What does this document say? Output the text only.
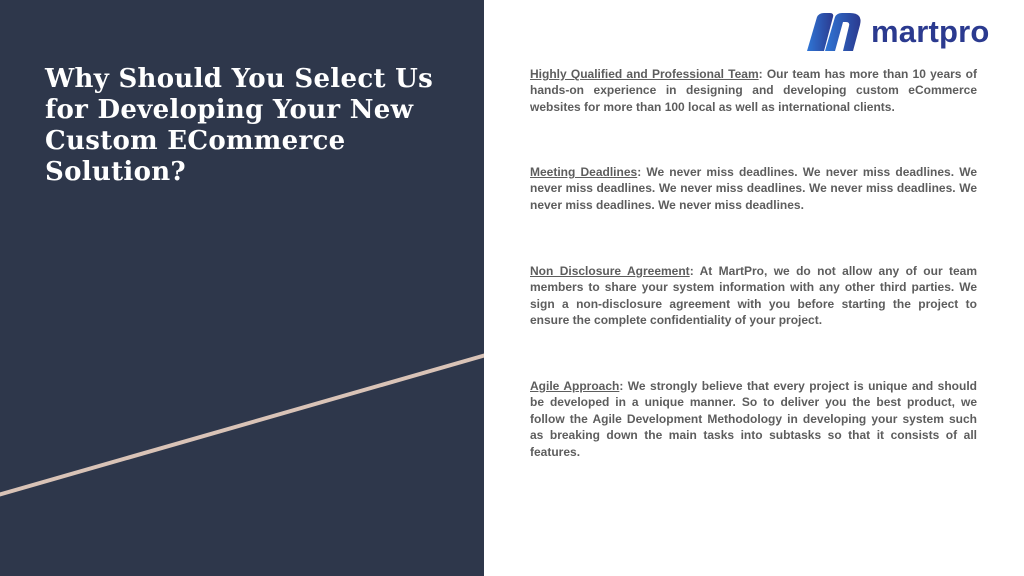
Why Should You Select Us for Developing Your New Custom ECommerce Solution?
martpro

Highly Qualified and Professional Team: Our team has more than 10 years of hands-on experience in designing and developing custom eCommerce websites for more than 100 local as well as international clients.

Meeting Deadlines: We never miss deadlines. We never miss deadlines. We never miss deadlines. We never miss deadlines. We never miss deadlines. We never miss deadlines. We never miss deadlines.

Non Disclosure Agreement: At MartPro, we do not allow any of our team members to share your system information with any other third parties. We sign a non-disclosure agreement with you before starting the project to ensure the complete confidentiality of your project.

Agile Approach: We strongly believe that every project is unique and should be developed in a unique manner. So to deliver you the best product, we follow the Agile Development Methodology in developing your system such as breaking down the main tasks into subtasks so that it consists of all features.
